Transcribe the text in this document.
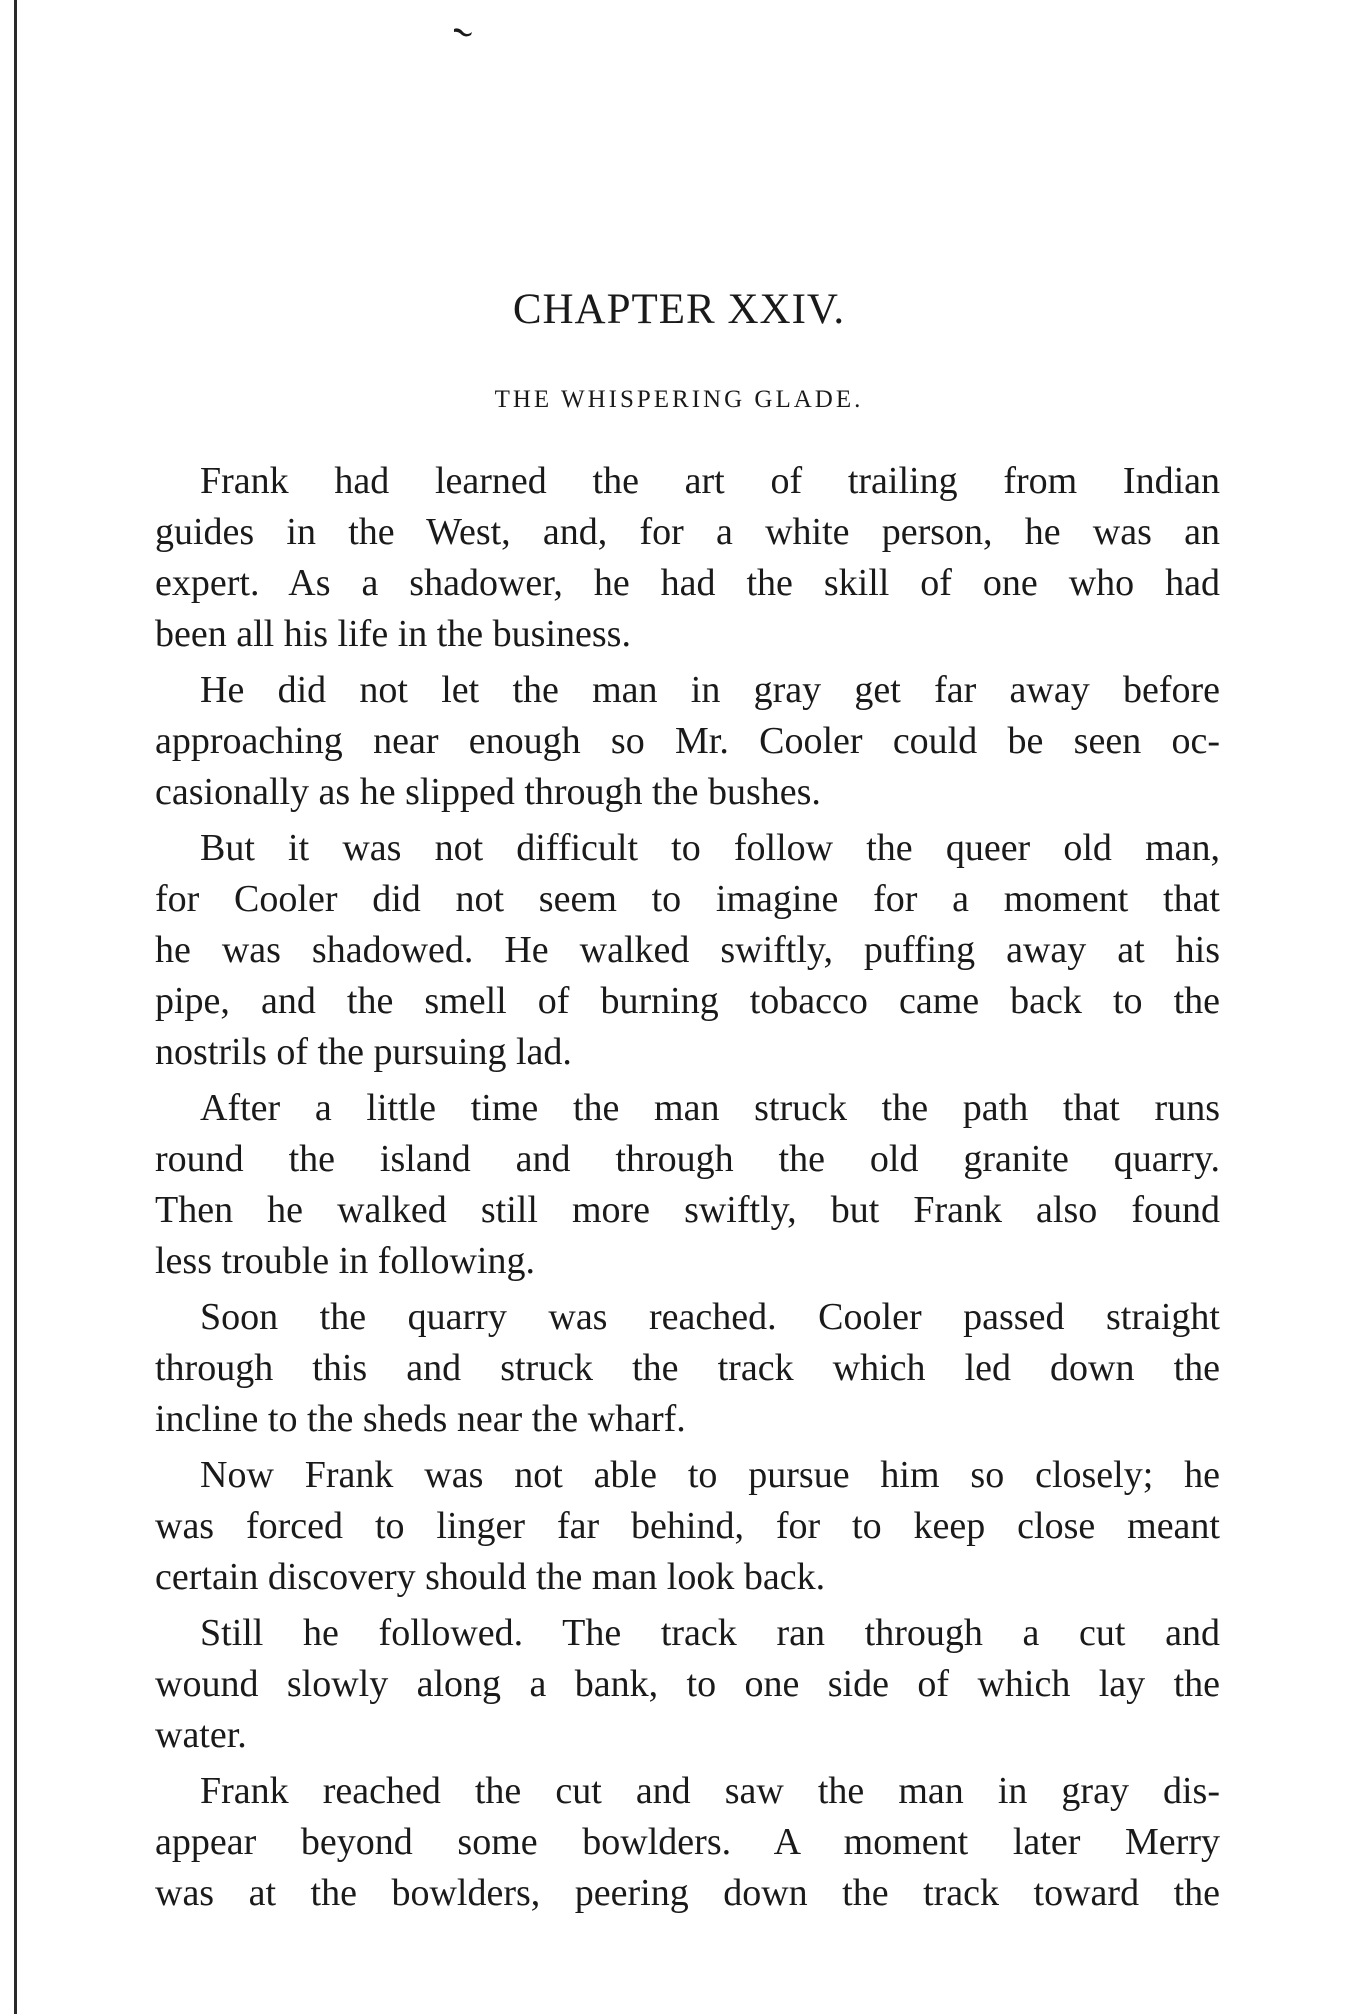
CHAPTER XXIV.
THE WHISPERING GLADE.
Frank had learned the art of trailing from Indian
guides in the West, and, for a white person, he was an
expert. As a shadower, he had the skill of one who had
been all his life in the business.
He did not let the man in gray get far away before
approaching near enough so Mr. Cooler could be seen oc-
casionally as he slipped through the bushes.
But it was not difficult to follow the queer old man,
for Cooler did not seem to imagine for a moment that
he was shadowed. He walked swiftly, puffing away at his
pipe, and the smell of burning tobacco came back to the
nostrils of the pursuing lad.
After a little time the man struck the path that runs
round the island and through the old granite quarry.
Then he walked still more swiftly, but Frank also found
less trouble in following.
Soon the quarry was reached. Cooler passed straight
through this and struck the track which led down the
incline to the sheds near the wharf.
Now Frank was not able to pursue him so closely; he
was forced to linger far behind, for to keep close meant
certain discovery should the man look back.
Still he followed. The track ran through a cut and
wound slowly along a bank, to one side of which lay the
water.
Frank reached the cut and saw the man in gray dis-
appear beyond some bowlders. A moment later Merry
was at the bowlders, peering down the track toward the
